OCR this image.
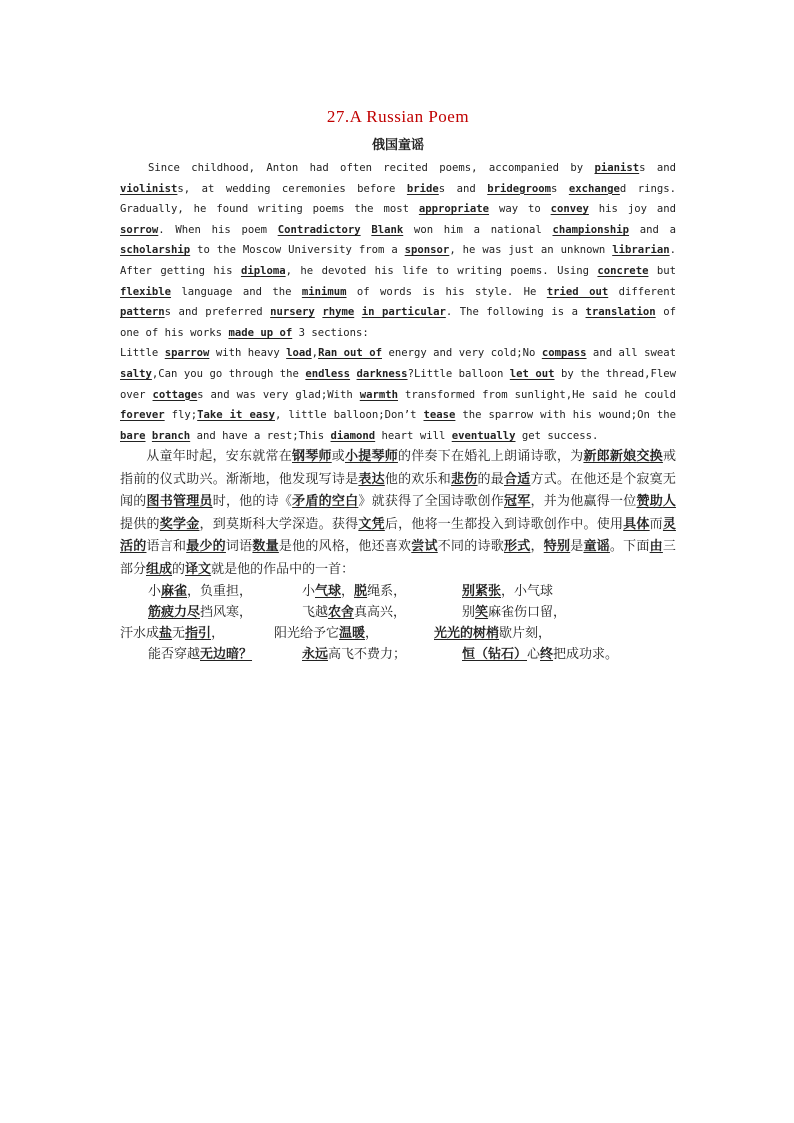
27.A Russian Poem
俄国童谣
Since childhood, Anton had often recited poems, accompanied by pianists and violinists, at wedding ceremonies before brides and bridegrooms exchanged rings. Gradually, he found writing poems the most appropriate way to convey his joy and sorrow. When his poem Contradictory Blank won him a national championship and a scholarship to the Moscow University from a sponsor, he was just an unknown librarian. After getting his diploma, he devoted his life to writing poems. Using concrete but flexible language and the minimum of words is his style. He tried out different patterns and preferred nursery rhyme in particular. The following is a translation of one of his works made up of 3 sections:
Little sparrow with heavy load,Ran out of energy and very cold;No compass and all sweat salty,Can you go through the endless darkness?Little balloon let out by the thread,Flew over cottages and was very glad;With warmth transformed from sunlight,He said he could forever fly;Take it easy, little balloon;Don’t tease the sparrow with his wound;On the bare branch and have a rest;This diamond heart will eventually get success.
从童年时起，安东就常在钢琴师或小提琴师的伴奏下在婚礼上朗诵诗歌，为新郎新娘交换戒指前的仪式助兴。渐渐地，他发现写诗是表达他的欢乐和悲伤的最合适方式。在他还是个寂寞无闻的图书管理员时，他的诗《矛盾的空白》就获得了全国诗歌创作冠军，并为他赢得一位赞助人提供的奖学金，到莫斯科大学深造。获得文凭后，他将一生都投入到诗歌创作中。使用具体而灵活的语言和最少的词语数量是他的风格，他还喜欢尝试不同的诗歌形式，特别是童谣。下面由三部分组成的译文就是他的作品中的一首：
小麻雀，负重担，	小气球，脱绳系，	别紧张，小气球
筋疲力尽挡风寒，	飞越农舍真高兴，	别笑麻雀伤口留，
汗水成盐无指引，	阳光给予它温暖，	光光的树梢歇片刻，
能否穿越无边暗？	永远高飞不费力；	恒（钻石）心终把成功求。
